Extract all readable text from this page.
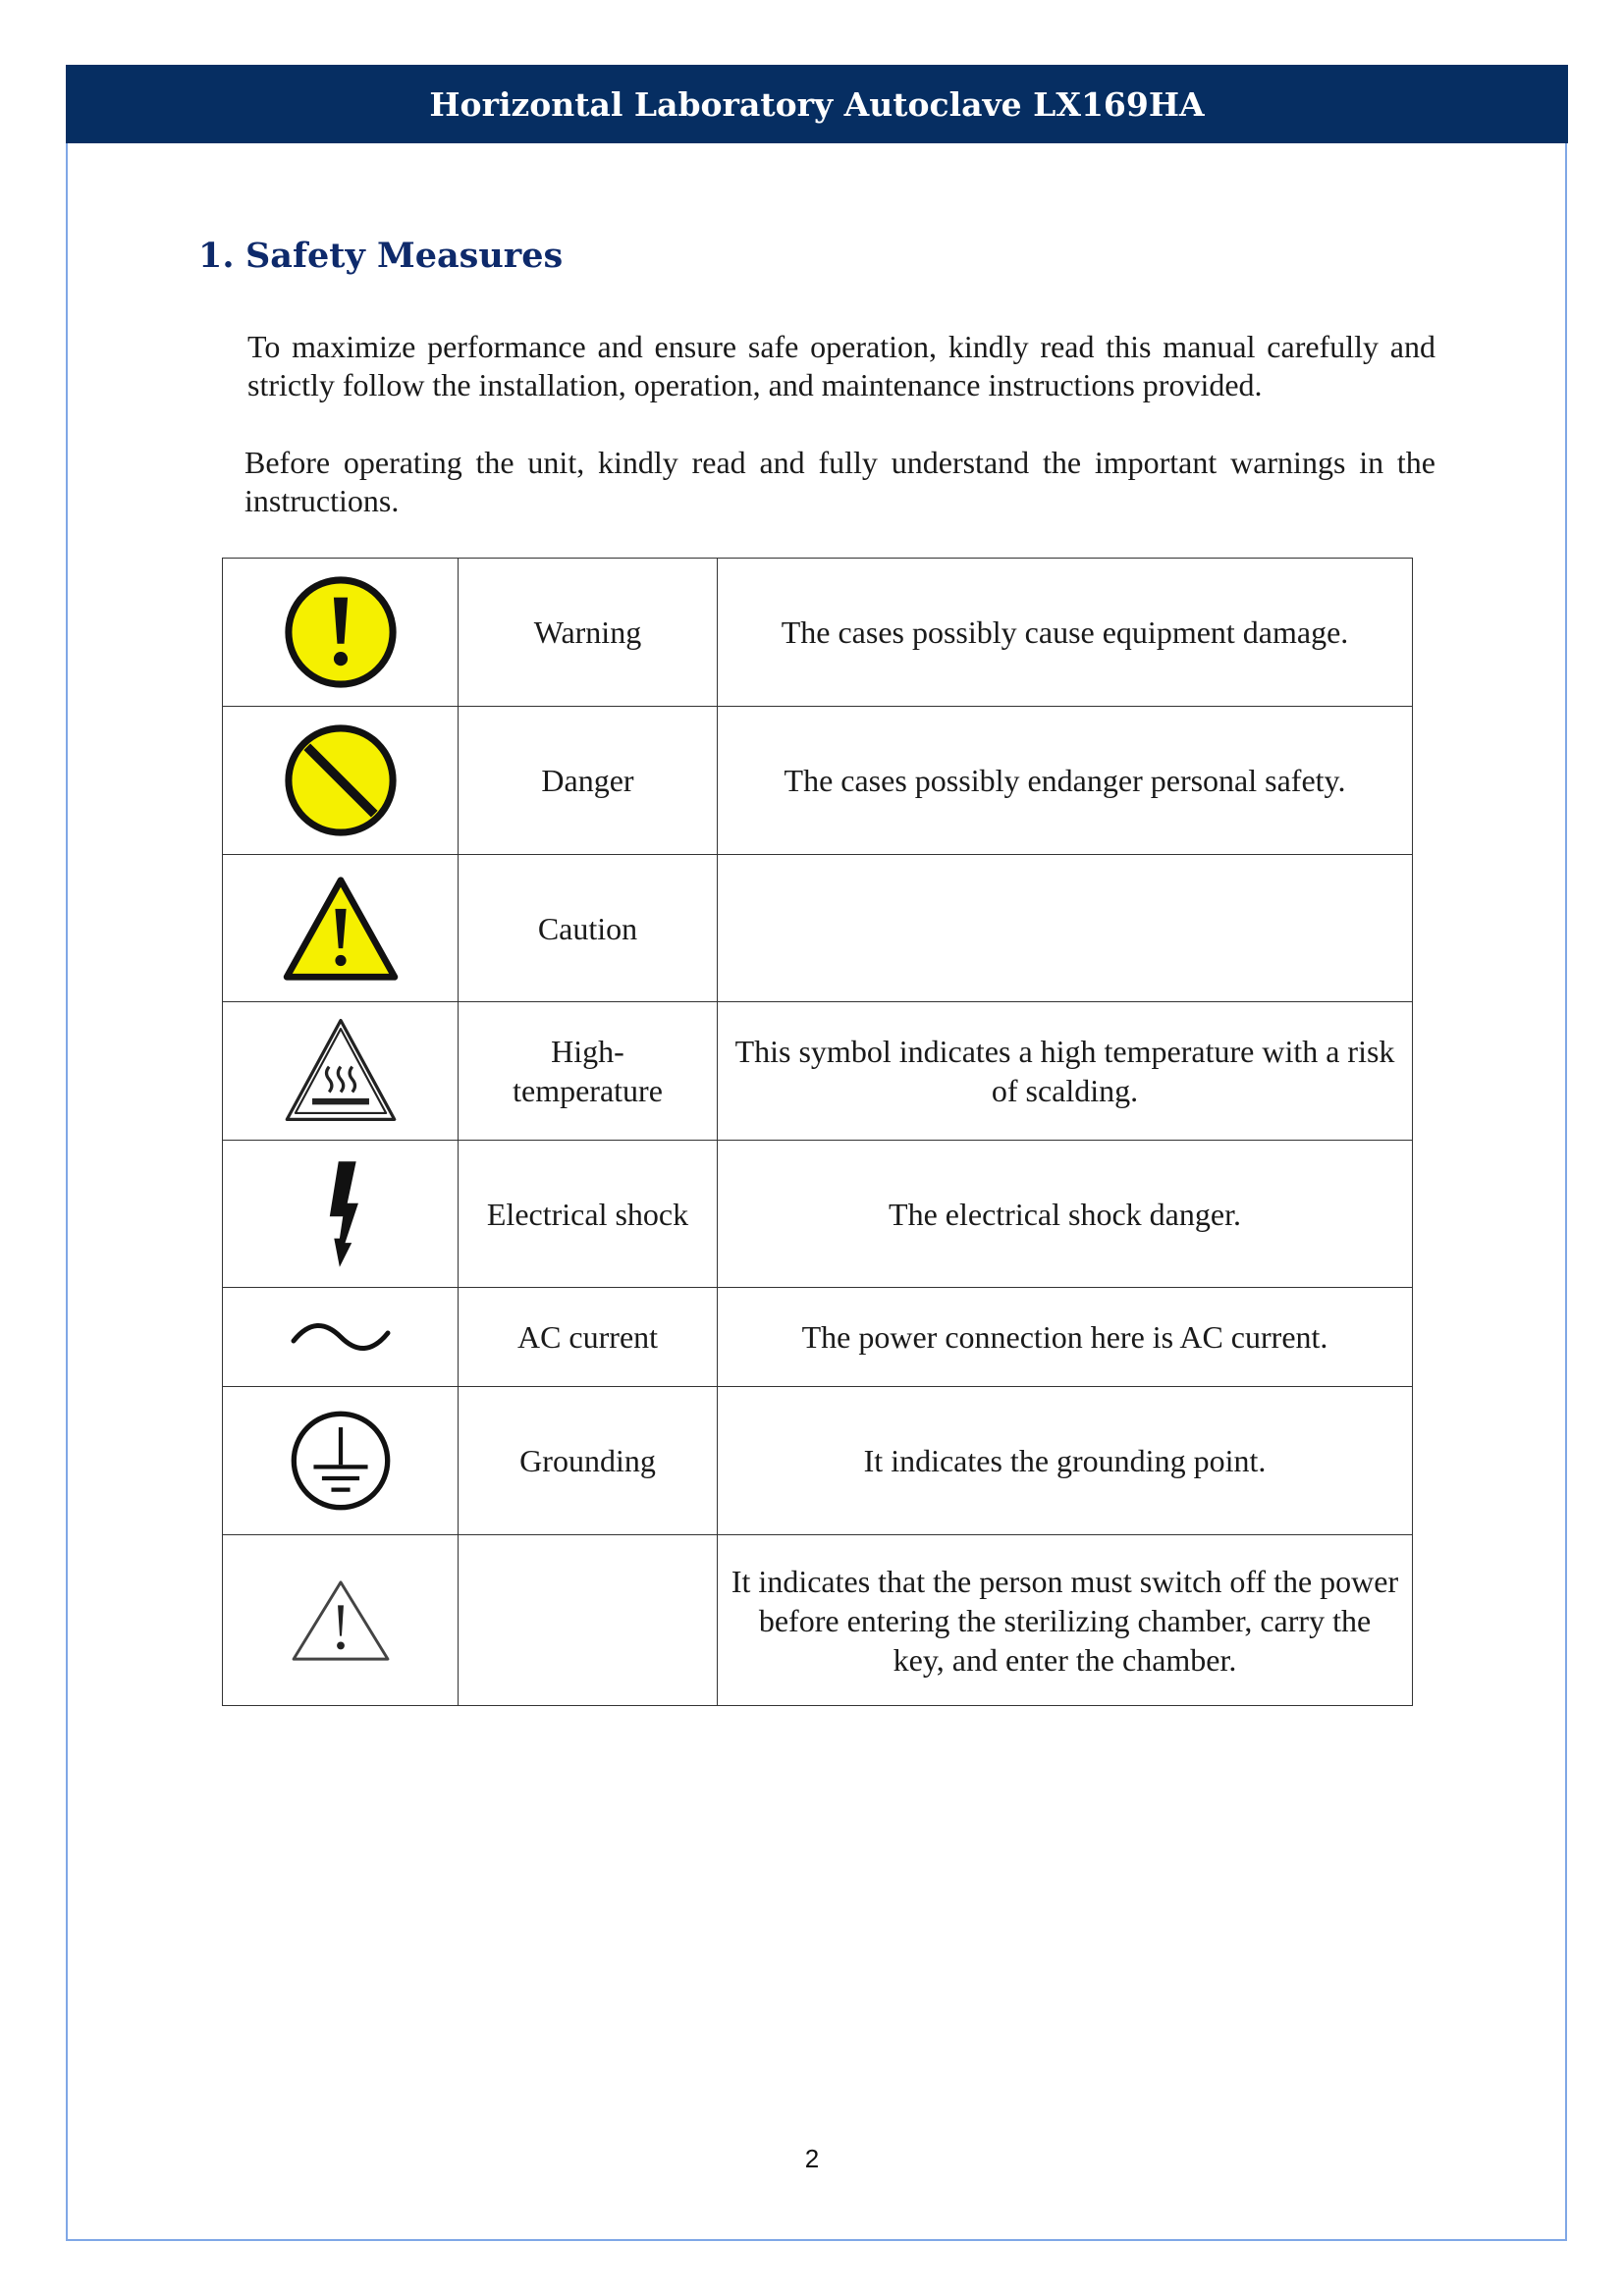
Horizontal Laboratory Autoclave LX169HA
1. Safety Measures
To maximize performance and ensure safe operation, kindly read this manual carefully and strictly follow the installation, operation, and maintenance instructions provided.
Before operating the unit, kindly read and fully understand the important warnings in the instructions.
	Warning	The cases possibly cause equipment damage.

	Danger	The cases possibly endanger personal safety.

	Caution	

	High-
temperature	This symbol indicates a high temperature with a risk of scalding.

	Electrical shock	The electrical shock danger.

	AC current	The power connection here is AC current.

	Grounding	It indicates the grounding point.

		It indicates that the person must switch off the power before entering the sterilizing chamber, carry the key, and enter the chamber.
2
